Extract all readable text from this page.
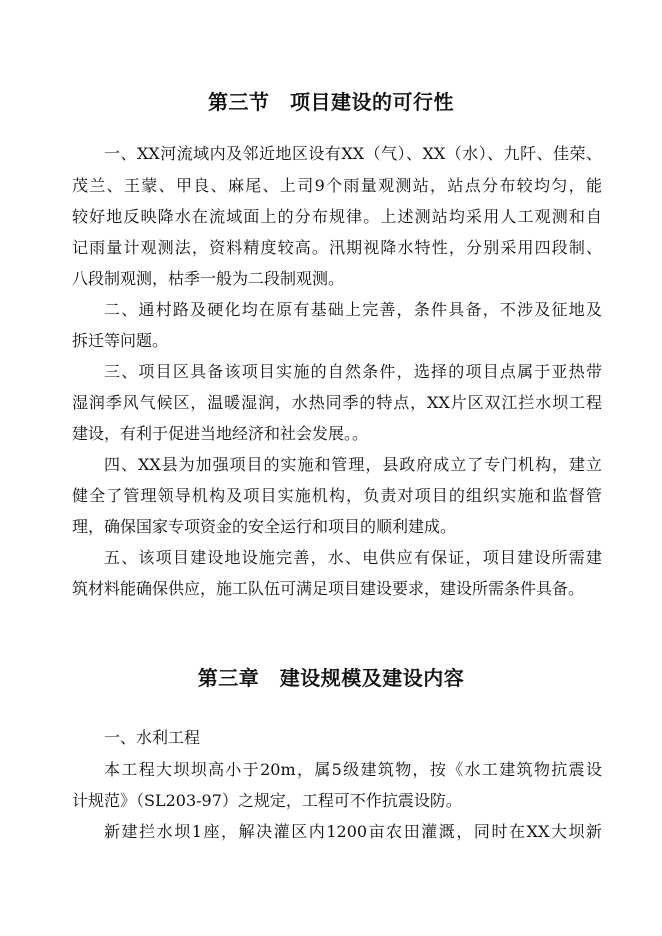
第三节　项目建设的可行性

一、XX河流域内及邻近地区设有XX（气）、XX（水）、九阡、佳荣、

茂兰、王蒙、甲良、麻尾、上司9个雨量观测站，站点分布较均匀，能

较好地反映降水在流域面上的分布规律。上述测站均采用人工观测和自

记雨量计观测法，资料精度较高。汛期视降水特性，分别采用四段制、

八段制观测，枯季一般为二段制观测。

二、通村路及硬化均在原有基础上完善，条件具备，不涉及征地及

拆迁等问题。

三、项目区具备该项目实施的自然条件，选择的项目点属于亚热带

湿润季风气候区，温暖湿润，水热同季的特点，XX片区双江拦水坝工程

建设，有利于促进当地经济和社会发展。。

四、XX县为加强项目的实施和管理，县政府成立了专门机构，建立

健全了管理领导机构及项目实施机构，负责对项目的组织实施和监督管

理，确保国家专项资金的安全运行和项目的顺利建成。

五、该项目建设地设施完善，水、电供应有保证，项目建设所需建

筑材料能确保供应，施工队伍可满足项目建设要求，建设所需条件具备。

第三章　建设规模及建设内容

一、水利工程

本工程大坝坝高小于20m，属5级建筑物，按《水工建筑物抗震设

计规范》（SL203-97）之规定，工程可不作抗震设防。

新建拦水坝1座，解决灌区内1200亩农田灌溉，同时在XX大坝新
